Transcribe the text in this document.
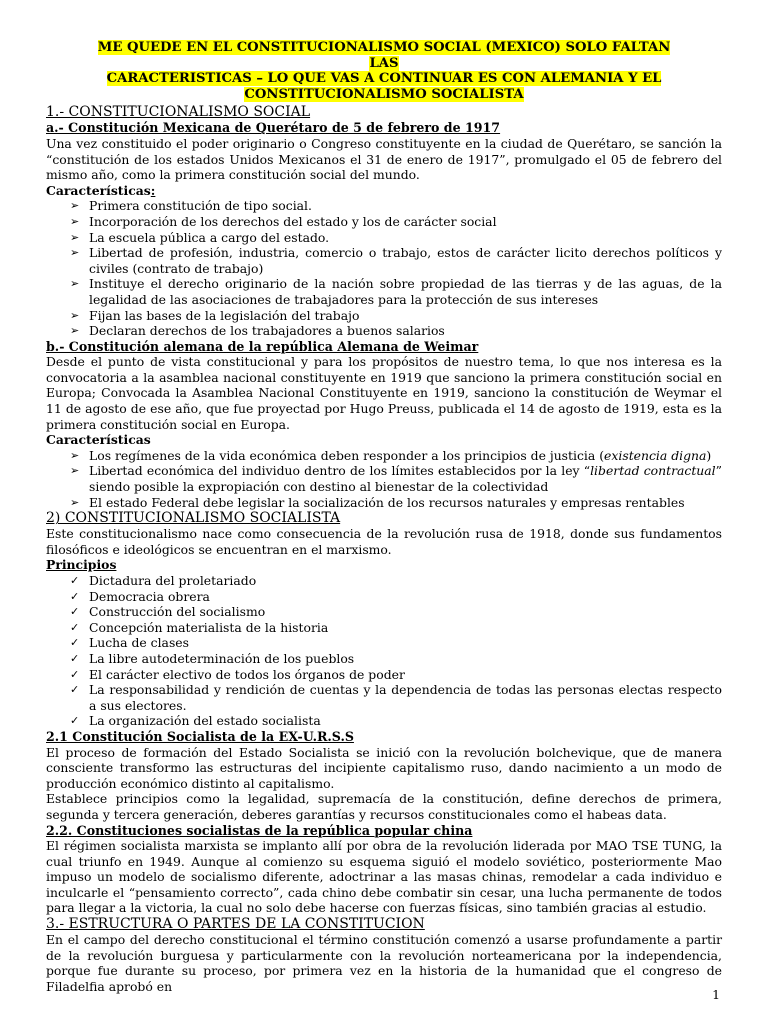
ME QUEDE EN EL CONSTITUCIONALISMO SOCIAL (MEXICO) SOLO FALTAN LAS
CARACTERISTICAS – LO QUE VAS A CONTINUAR ES CON ALEMANIA Y EL
CONSTITUCIONALISMO SOCIALISTA
1.- CONSTITUCIONALISMO SOCIAL
a.- Constitución Mexicana de Querétaro de 5 de febrero de 1917

Una vez constituido el poder originario o Congreso constituyente en la ciudad de Querétaro, se sanción la “constitución de los estados Unidos Mexicanos el 31 de enero de 1917”, promulgado el 05 de febrero del mismo año, como la primera constitución social del mundo.

Características:
➢ Primera constitución de tipo social.
➢ Incorporación de los derechos del estado y los de carácter social
➢ La escuela pública a cargo del estado.
➢ Libertad de profesión, industria, comercio o trabajo, estos de carácter licito derechos políticos y civiles (contrato de trabajo)
➢ Instituye el derecho originario de la nación sobre propiedad de las tierras y de las aguas, de la legalidad de las asociaciones de trabajadores para la protección de sus intereses
➢ Fijan las bases de la legislación del trabajo
➢ Declaran derechos de los trabajadores a buenos salarios
b.- Constitución alemana de la república Alemana de Weimar

Desde el punto de vista constitucional y para los propósitos de nuestro tema, lo que nos interesa es la convocatoria a la asamblea nacional constituyente en 1919 que sanciono la primera constitución social en Europa; Convocada la Asamblea Nacional Constituyente en 1919, sanciono la constitución de Weymar el 11 de agosto de ese año, que fue proyectad por Hugo Preuss, publicada el 14 de agosto de 1919, esta es la primera constitución social en Europa.

Características
➢ Los regímenes de la vida económica deben responder a los principios de justicia (existencia digna)
➢ Libertad económica del individuo dentro de los límites establecidos por la ley “libertad contractual” siendo posible la expropiación con destino al bienestar de la colectividad
➢ El estado Federal debe legislar la socialización de los recursos naturales y empresas rentables
2) CONSTITUCIONALISMO SOCIALISTA

Este constitucionalismo nace como consecuencia de la revolución rusa de 1918, donde sus fundamentos filosóficos e ideológicos se encuentran en el marxismo.

Principios
✓ Dictadura del proletariado
✓ Democracia obrera
✓ Construcción del socialismo
✓ Concepción materialista de la historia
✓ Lucha de clases
✓ La libre autodeterminación de los pueblos
✓ El carácter electivo de todos los órganos de poder
✓ La responsabilidad y rendición de cuentas y la dependencia de todas las personas electas respecto a sus electores.
✓ La organización del estado socialista
2.1 Constitución Socialista de la EX-U.R.S.S

El proceso de formación del Estado Socialista se inició con la revolución bolchevique, que de manera consciente transformo las estructuras del incipiente capitalismo ruso, dando nacimiento a un modo de producción económico distinto al capitalismo.

Establece principios como la legalidad, supremacía de la constitución, define derechos de primera, segunda y tercera generación, deberes garantías y recursos constitucionales como el habeas data.

2.2. Constituciones socialistas de la república popular china

El régimen socialista marxista se implanto allí por obra de la revolución liderada por MAO TSE TUNG, la cual triunfo en 1949. Aunque al comienzo su esquema siguió el modelo soviético, posteriormente Mao impuso un modelo de socialismo diferente, adoctrinar a las masas chinas, remodelar a cada individuo e inculcarle el “pensamiento correcto”, cada chino debe combatir sin cesar, una lucha permanente de todos para llegar a la victoria, la cual no solo debe hacerse con fuerzas físicas, sino también gracias al estudio.

3.- ESTRUCTURA O PARTES DE LA CONSTITUCION

En el campo del derecho constitucional el término constitución comenzó a usarse profundamente a partir de la revolución burguesa y particularmente con la revolución norteamericana por la independencia, porque fue durante su proceso, por primera vez en la historia de la humanidad que el congreso de Filadelfia aprobó en

1
